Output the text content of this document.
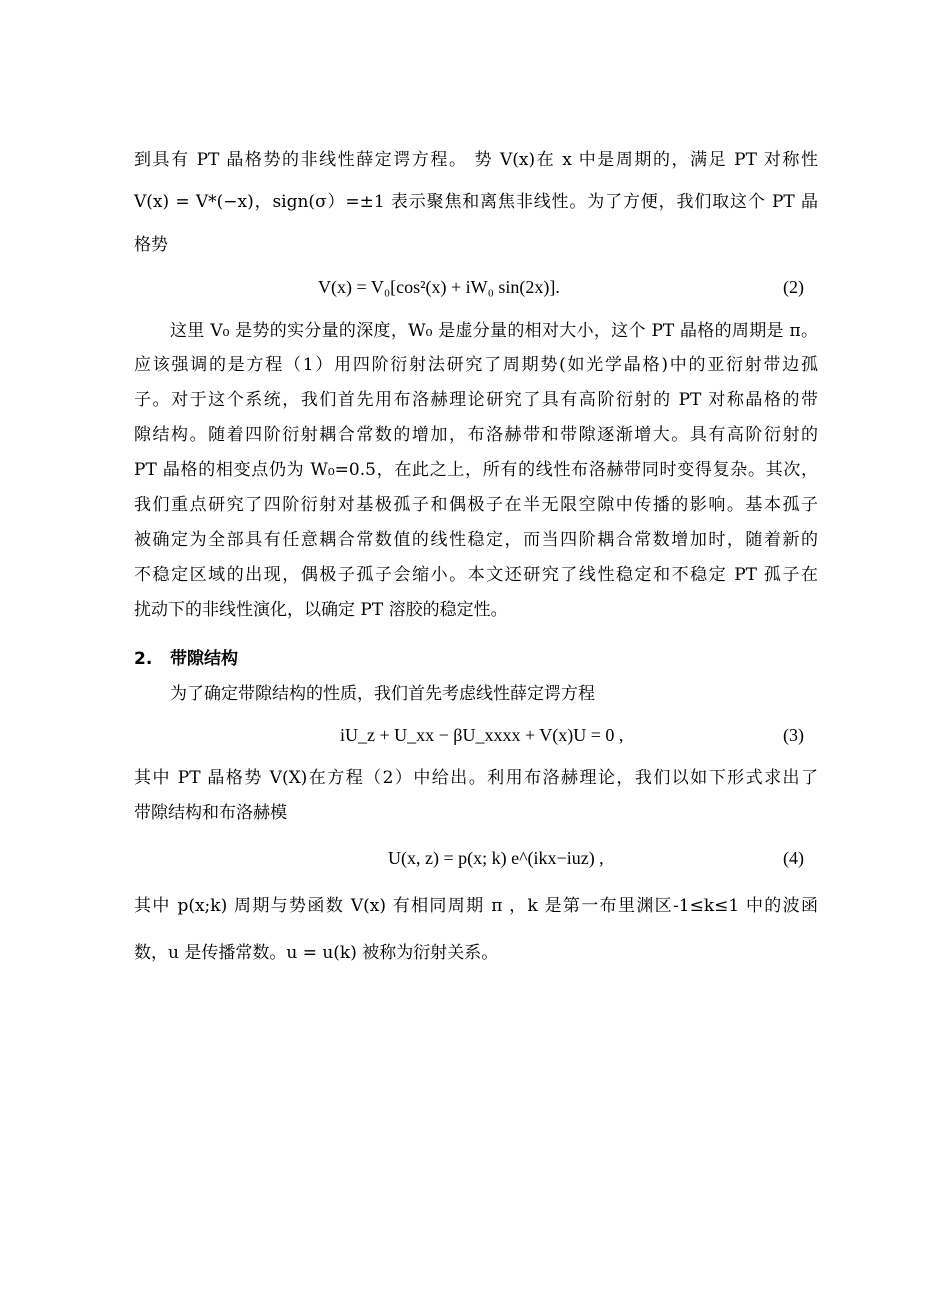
到具有 PT 晶格势的非线性薛定谔方程。 势 V(x)在 x 中是周期的，满足 PT 对称性
V(x) = V*(−x)，sign(σ）=±1 表示聚焦和离焦非线性。为了方便，我们取这个 PT 晶
格势
V(x) = V₀[cos²(x) + iW₀ sin(2x)].	(2)
这里 V₀ 是势的实分量的深度，W₀ 是虚分量的相对大小，这个 PT 晶格的周期是 π。
应该强调的是方程（1）用四阶衍射法研究了周期势(如光学晶格)中的亚衍射带边孤
子。对于这个系统，我们首先用布洛赫理论研究了具有高阶衍射的 PT 对称晶格的带
隙结构。随着四阶衍射耦合常数的增加，布洛赫带和带隙逐渐增大。具有高阶衍射的
PT 晶格的相变点仍为 W₀=0.5，在此之上，所有的线性布洛赫带同时变得复杂。其次，
我们重点研究了四阶衍射对基极孤子和偶极子在半无限空隙中传播的影响。基本孤子
被确定为全部具有任意耦合常数值的线性稳定，而当四阶耦合常数增加时，随着新的
不稳定区域的出现，偶极子孤子会缩小。本文还研究了线性稳定和不稳定 PT 孤子在
扰动下的非线性演化，以确定 PT 溶胶的稳定性。
2. 带隙结构
为了确定带隙结构的性质，我们首先考虑线性薛定谔方程
iU_z + U_xx − βU_xxxx + V(x)U = 0 ,	(3)
其中 PT 晶格势 V(X)在方程（2）中给出。利用布洛赫理论，我们以如下形式求出了
带隙结构和布洛赫模
U(x, z) = p(x; k) e^(ikx−iuz) ,	(4)
其中 p(x;k) 周期与势函数 V(x) 有相同周期 π ，k 是第一布里渊区-1≤k≤1 中的波函
数，u 是传播常数。u = u(k) 被称为衍射关系。
